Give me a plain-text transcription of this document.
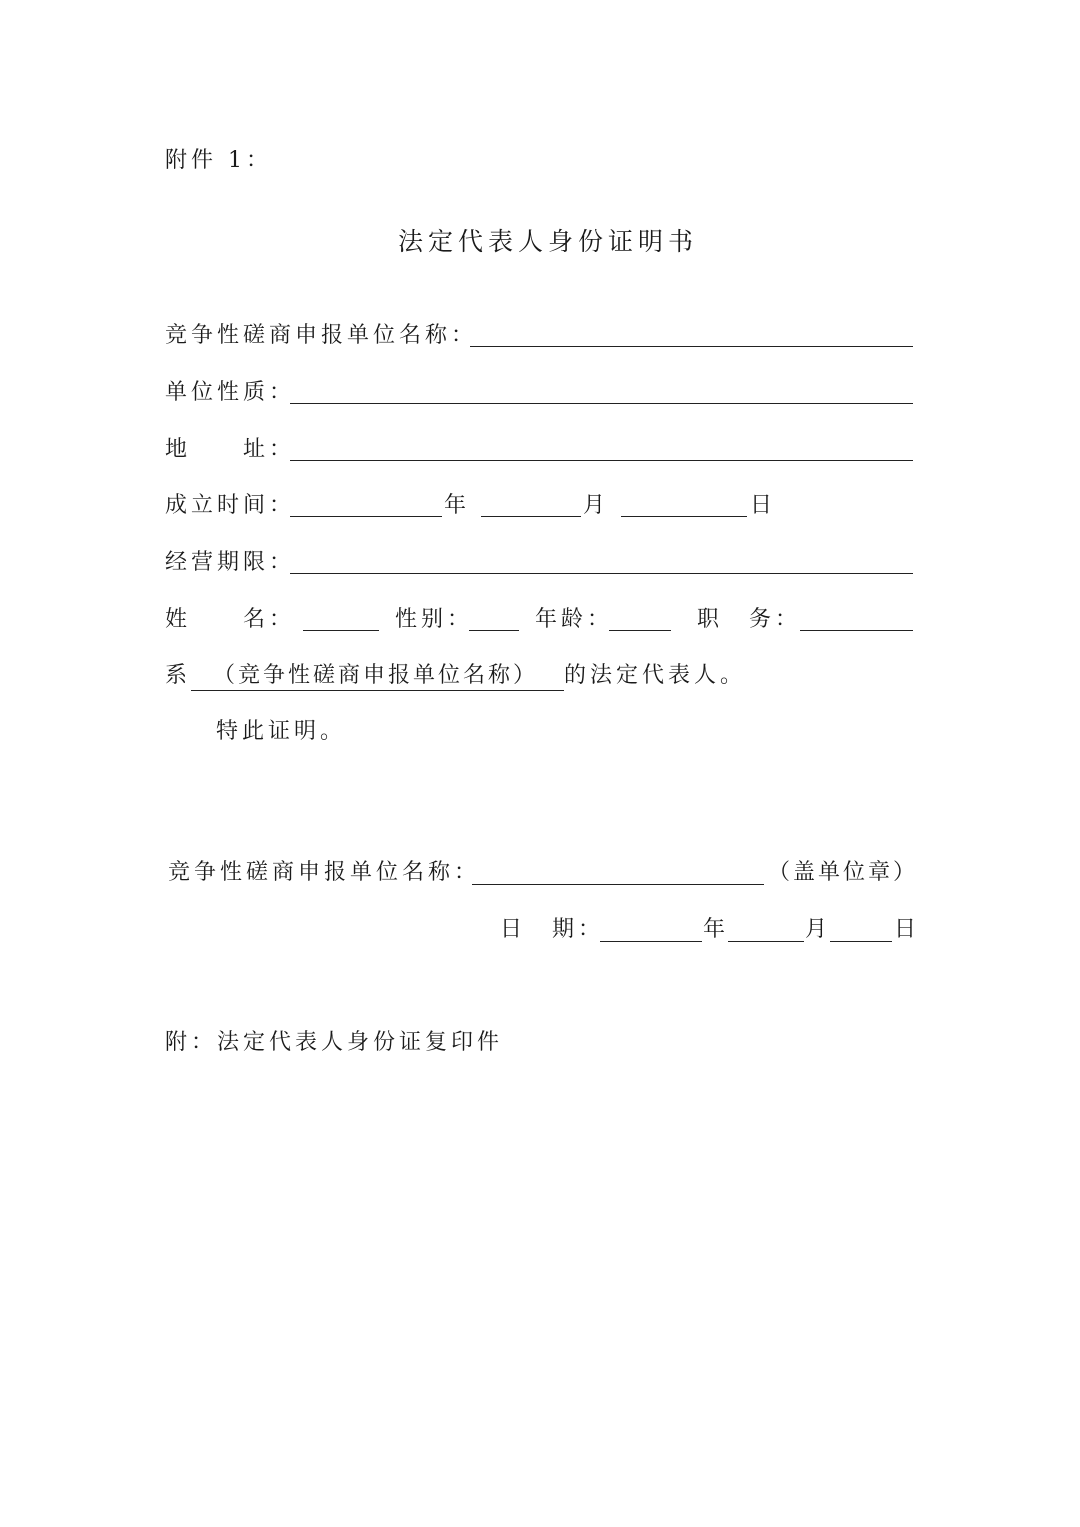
附件 1：
法定代表人身份证明书
竞争性磋商申报单位名称：
单位性质：
地　　址：
成立时间：	年	月	日
经营期限：
姓　　名：	性别：	年龄：	职　务：
系 （竞争性磋商申报单位名称） 的法定代表人。
特此证明。
竞争性磋商申报单位名称：	（盖单位章）
日　期：	年	月	日
附：法定代表人身份证复印件
